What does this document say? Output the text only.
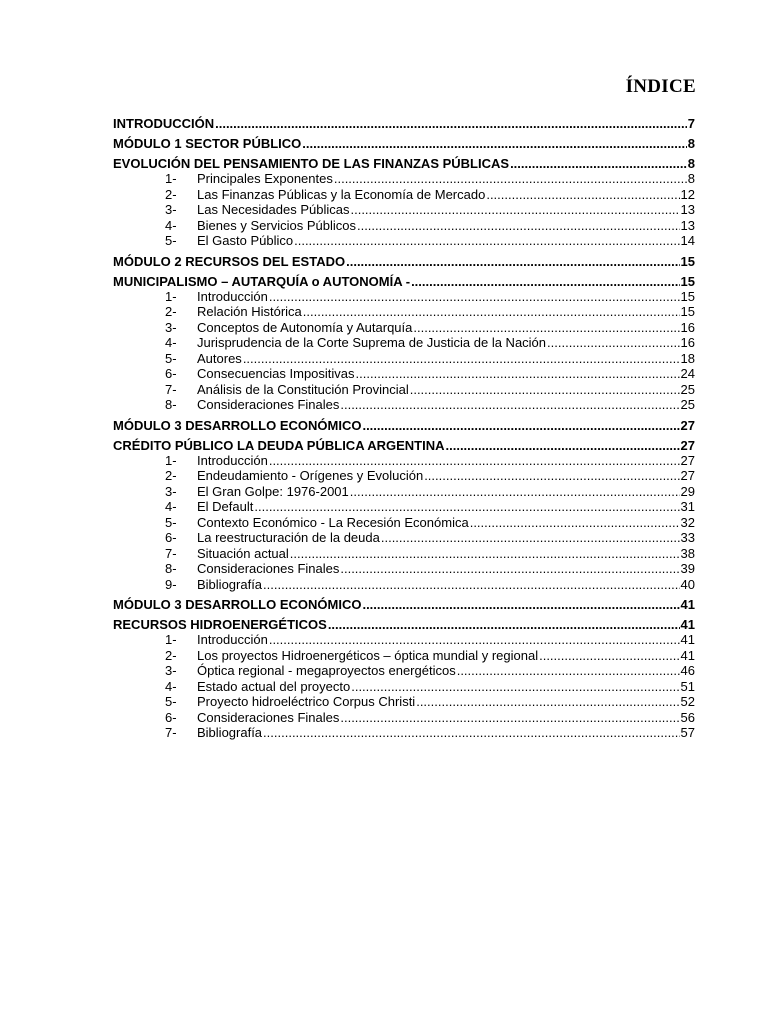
ÍNDICE
INTRODUCCIÓN .....	7
MÓDULO 1 SECTOR PÚBLICO .....	8
EVOLUCIÓN DEL PENSAMIENTO DE LAS FINANZAS PÚBLICAS .....	8
1-	Principales Exponentes .....	8
2-	Las Finanzas Públicas y la Economía de Mercado .....	12
3-	Las Necesidades Públicas .....	13
4-	Bienes y Servicios Públicos .....	13
5-	El Gasto Público .....	14
MÓDULO 2 RECURSOS DEL ESTADO .....	15
MUNICIPALISMO – AUTARQUÍA o AUTONOMÍA - .....	15
1-	Introducción .....	15
2-	Relación Histórica .....	15
3-	Conceptos de Autonomía y Autarquía .....	16
4-	Jurisprudencia de la Corte Suprema de Justicia de la Nación .....	16
5-	Autores .....	18
6-	Consecuencias Impositivas .....	24
7-	Análisis de la Constitución Provincial .....	25
8-	Consideraciones Finales .....	25
MÓDULO 3 DESARROLLO ECONÓMICO .....	27
CRÉDITO PÚBLICO LA DEUDA PÚBLICA ARGENTINA .....	27
1-	Introducción .....	27
2-	Endeudamiento - Orígenes y Evolución .....	27
3-	El Gran Golpe: 1976-2001 .....	29
4-	El Default .....	31
5-	Contexto Económico - La Recesión Económica .....	32
6-	La reestructuración de la deuda .....	33
7-	Situación actual .....	38
8-	Consideraciones Finales .....	39
9-	Bibliografía .....	40
MÓDULO 3 DESARROLLO ECONÓMICO .....	41
RECURSOS HIDROENERGÉTICOS .....	41
1-	Introducción .....	41
2-	Los proyectos Hidroenergéticos – óptica mundial y regional .....	41
3-	Óptica regional - megaproyectos energéticos .....	46
4-	Estado actual del proyecto .....	51
5-	Proyecto hidroeléctrico Corpus Christi .....	52
6-	Consideraciones Finales .....	56
7-	Bibliografía .....	57
